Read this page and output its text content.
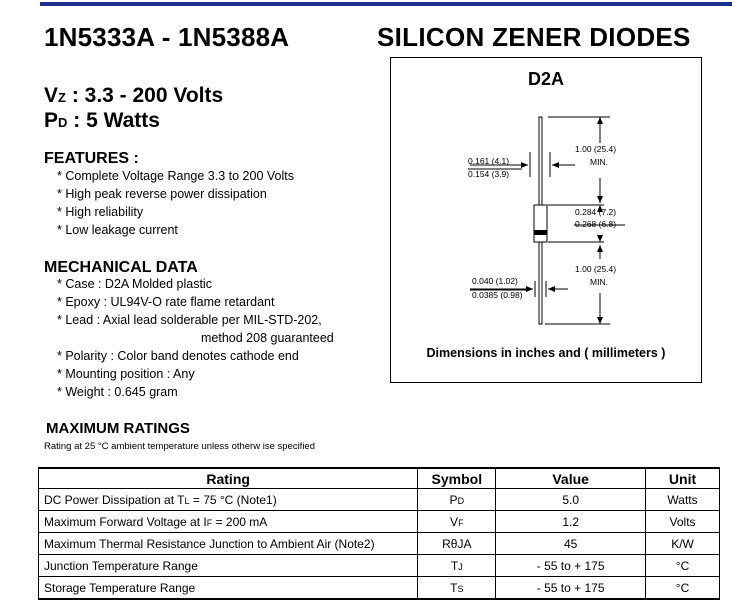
1N5333A - 1N5388A	SILICON ZENER DIODES
VZ : 3.3 - 200 Volts
PD : 5 Watts
FEATURES :
* Complete Voltage Range 3.3 to 200 Volts
* High peak reverse power dissipation
* High reliability
* Low leakage current
MECHANICAL DATA
* Case : D2A Molded plastic
* Epoxy : UL94V-O rate flame retardant
* Lead : Axial lead solderable per MIL-STD-202,
method 208 guaranteed
* Polarity : Color band denotes cathode end
* Mounting position : Any
* Weight : 0.645 gram
D2A
0.161 (4.1)
0.154 (3.9)
1.00 (25.4)
MIN.
0.284 (7.2)
0.268 (6.8)
1.00 (25.4)
MIN.
0.040 (1.02)
0.0385 (0.98)
Dimensions in inches and ( millimeters )
MAXIMUM RATINGS
Rating at 25 °C ambient temperature unless otherw ise specified
Rating	Symbol	Value	Unit
DC Power Dissipation at TL = 75 °C (Note1)	PD	5.0	Watts
Maximum Forward Voltage at IF = 200 mA	VF	1.2	Volts
Maximum Thermal Resistance Junction to Ambient Air (Note2)	RθJA	45	K/W
Junction Temperature Range	TJ	- 55 to + 175	°C
Storage Temperature Range	TS	- 55 to + 175	°C
